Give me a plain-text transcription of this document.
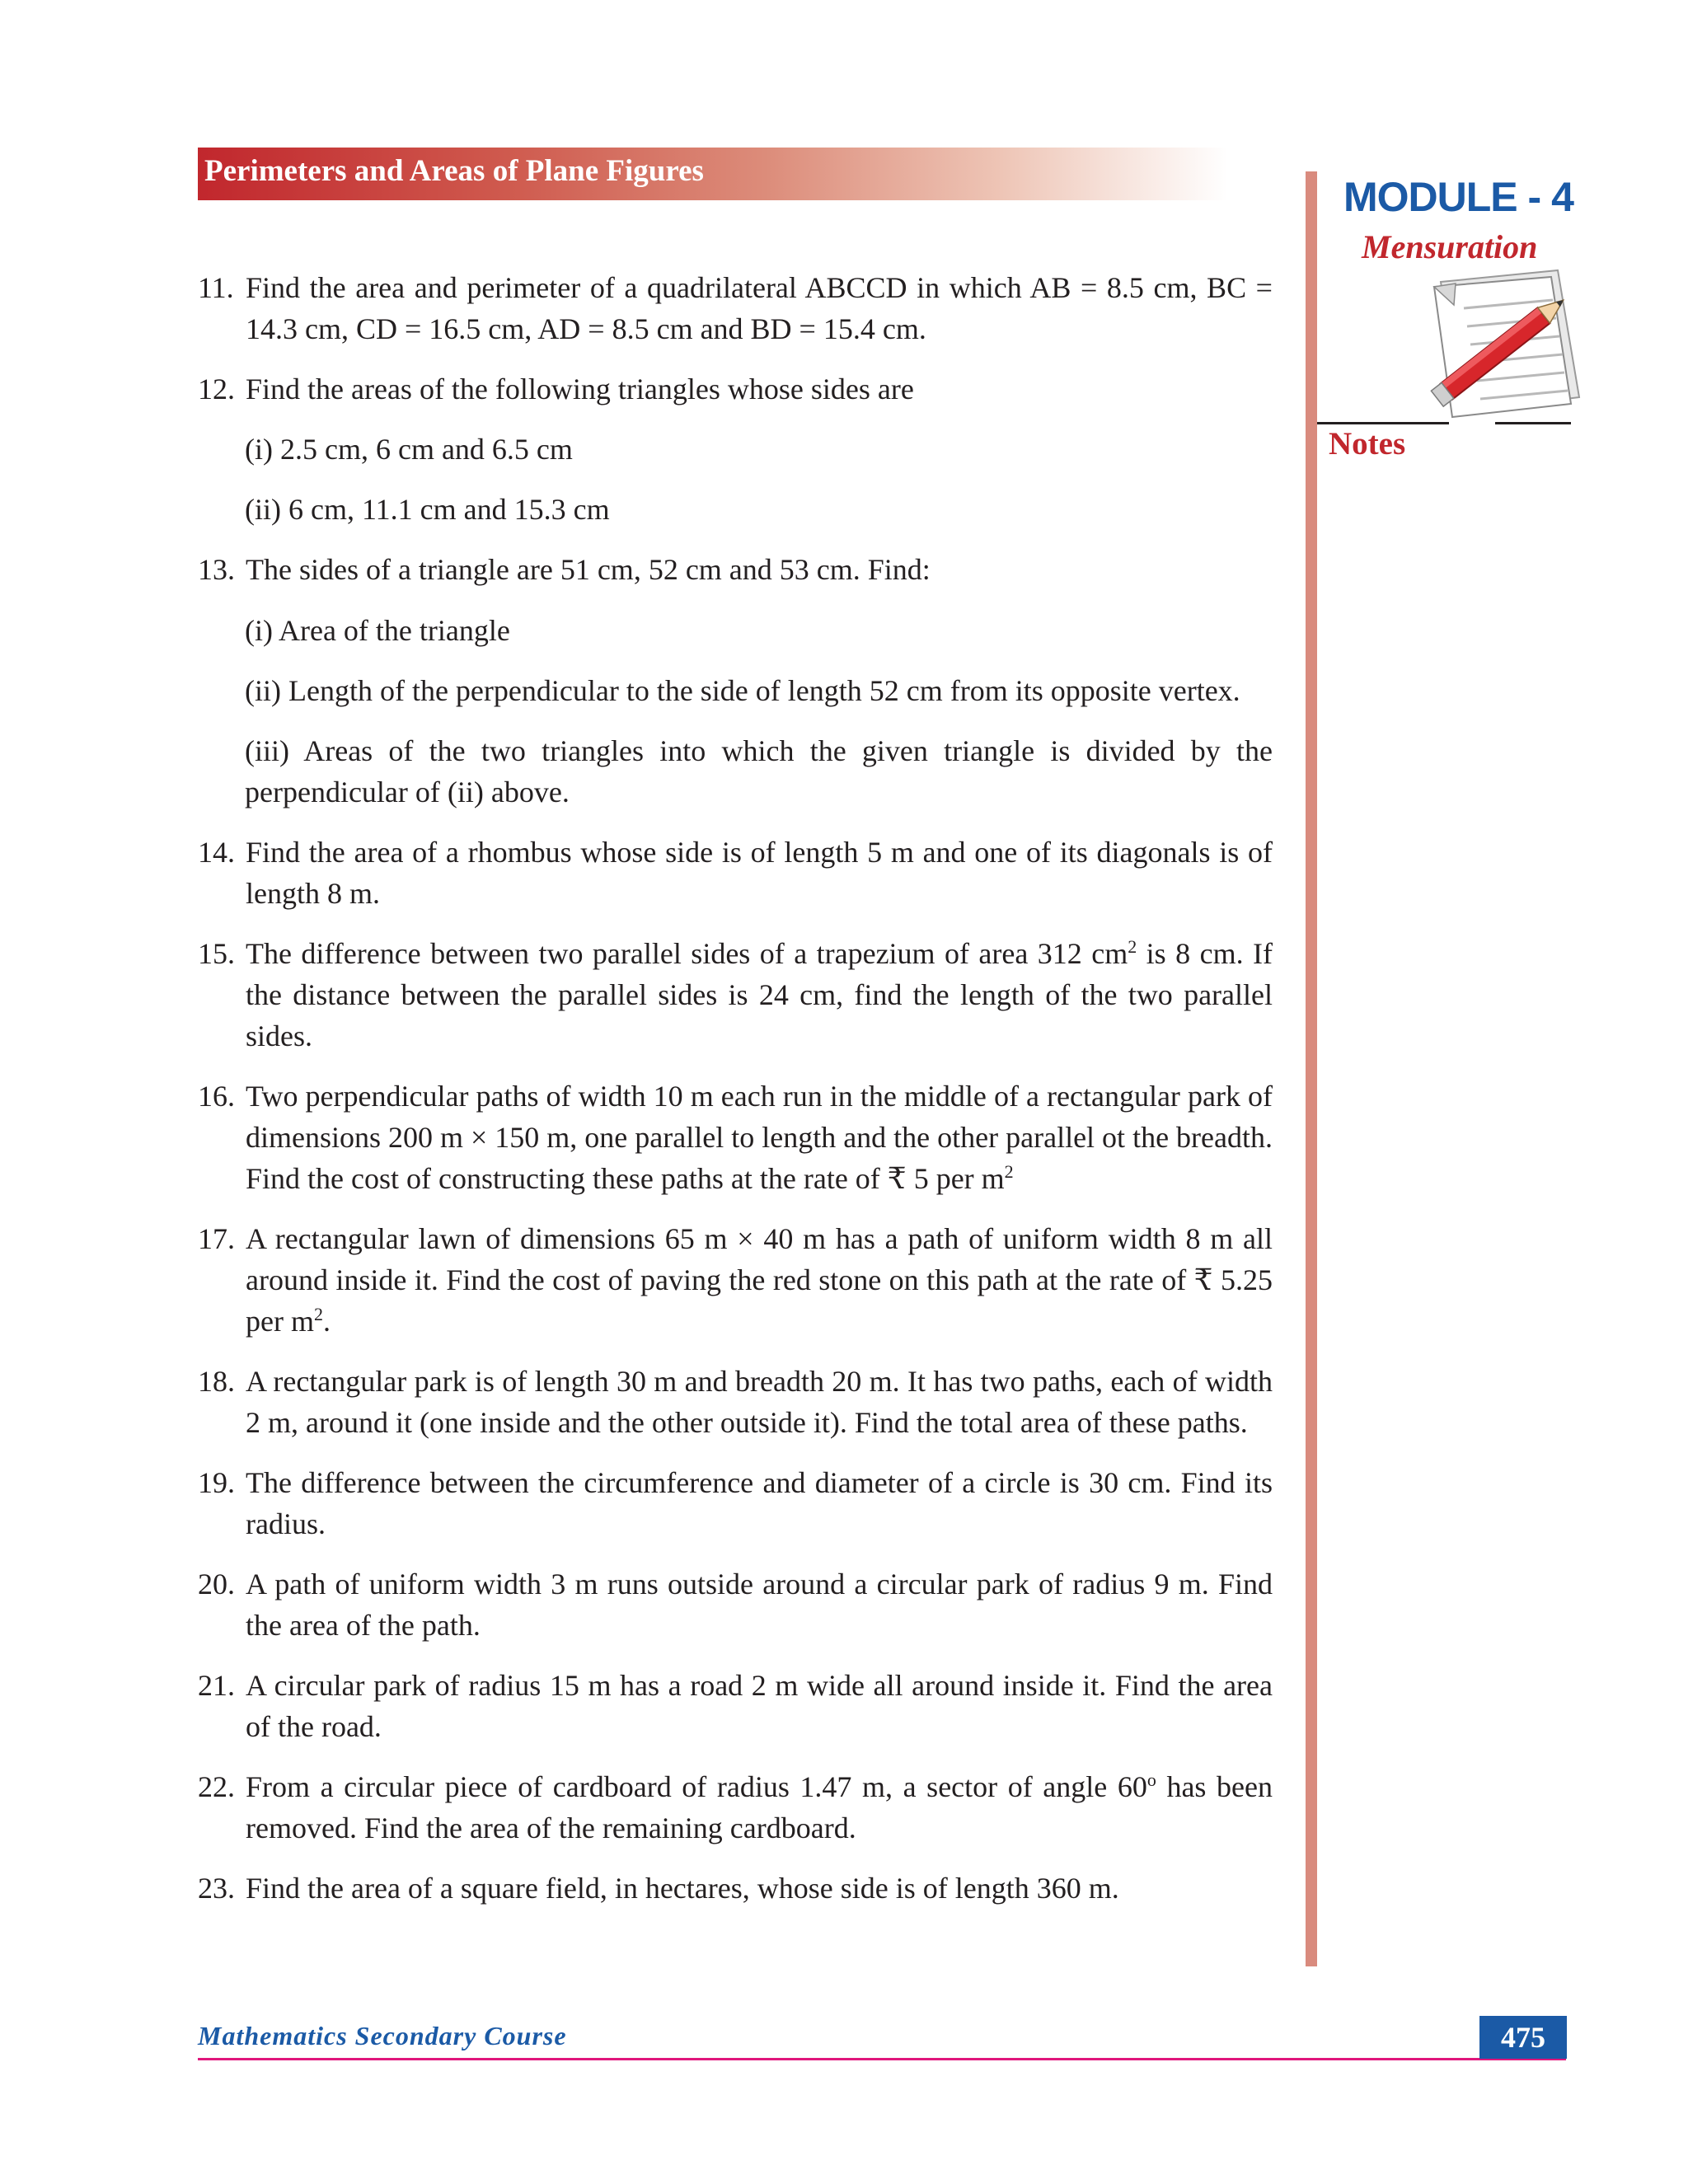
Perimeters and Areas of Plane Figures
MODULE - 4
Mensuration
Notes
11. Find the area and perimeter of a quadrilateral ABCCD in which AB = 8.5 cm, BC = 14.3 cm, CD = 16.5 cm, AD = 8.5 cm and BD = 15.4 cm.
12. Find the areas of the following triangles whose sides are
(i) 2.5 cm, 6 cm and 6.5 cm
(ii) 6 cm, 11.1 cm and 15.3 cm
13. The sides of a triangle are 51 cm, 52 cm and 53 cm. Find:
(i) Area of the triangle
(ii) Length of the perpendicular to the side of length 52 cm from its opposite vertex.
(iii) Areas of the two triangles into which the given triangle is divided by the perpendicular of (ii) above.
14. Find the area of a rhombus whose side is of length 5 m and one of its diagonals is of length 8 m.
15. The difference between two parallel sides of a trapezium of area 312 $cm^2$ is 8 cm. If the distance between the parallel sides is 24 cm, find the length of the two parallel sides.
16. Two perpendicular paths of width 10 m each run in the middle of a rectangular park of dimensions 200 m × 150 m, one parallel to length and the other parallel ot the breadth. Find the cost of constructing these paths at the rate of ₹ 5 per $m^2$
17. A rectangular lawn of dimensions 65 m × 40 m has a path of uniform width 8 m all around inside it. Find the cost of paving the red stone on this path at the rate of ₹ 5.25 per $m^2$.
18. A rectangular park is of length 30 m and breadth 20 m. It has two paths, each of width 2 m, around it (one inside and the other outside it). Find the total area of these paths.
19. The difference between the circumference and diameter of a circle is 30 cm. Find its radius.
20. A path of uniform width 3 m runs outside around a circular park of radius 9 m. Find the area of the path.
21. A circular park of radius 15 m has a road 2 m wide all around inside it. Find the area of the road.
22. From a circular piece of cardboard of radius 1.47 m, a sector of angle 60$^o$ has been removed. Find the area of the remaining cardboard.
23. Find the area of a square field, in hectares, whose side is of length 360 m.
Mathematics Secondary Course	475
